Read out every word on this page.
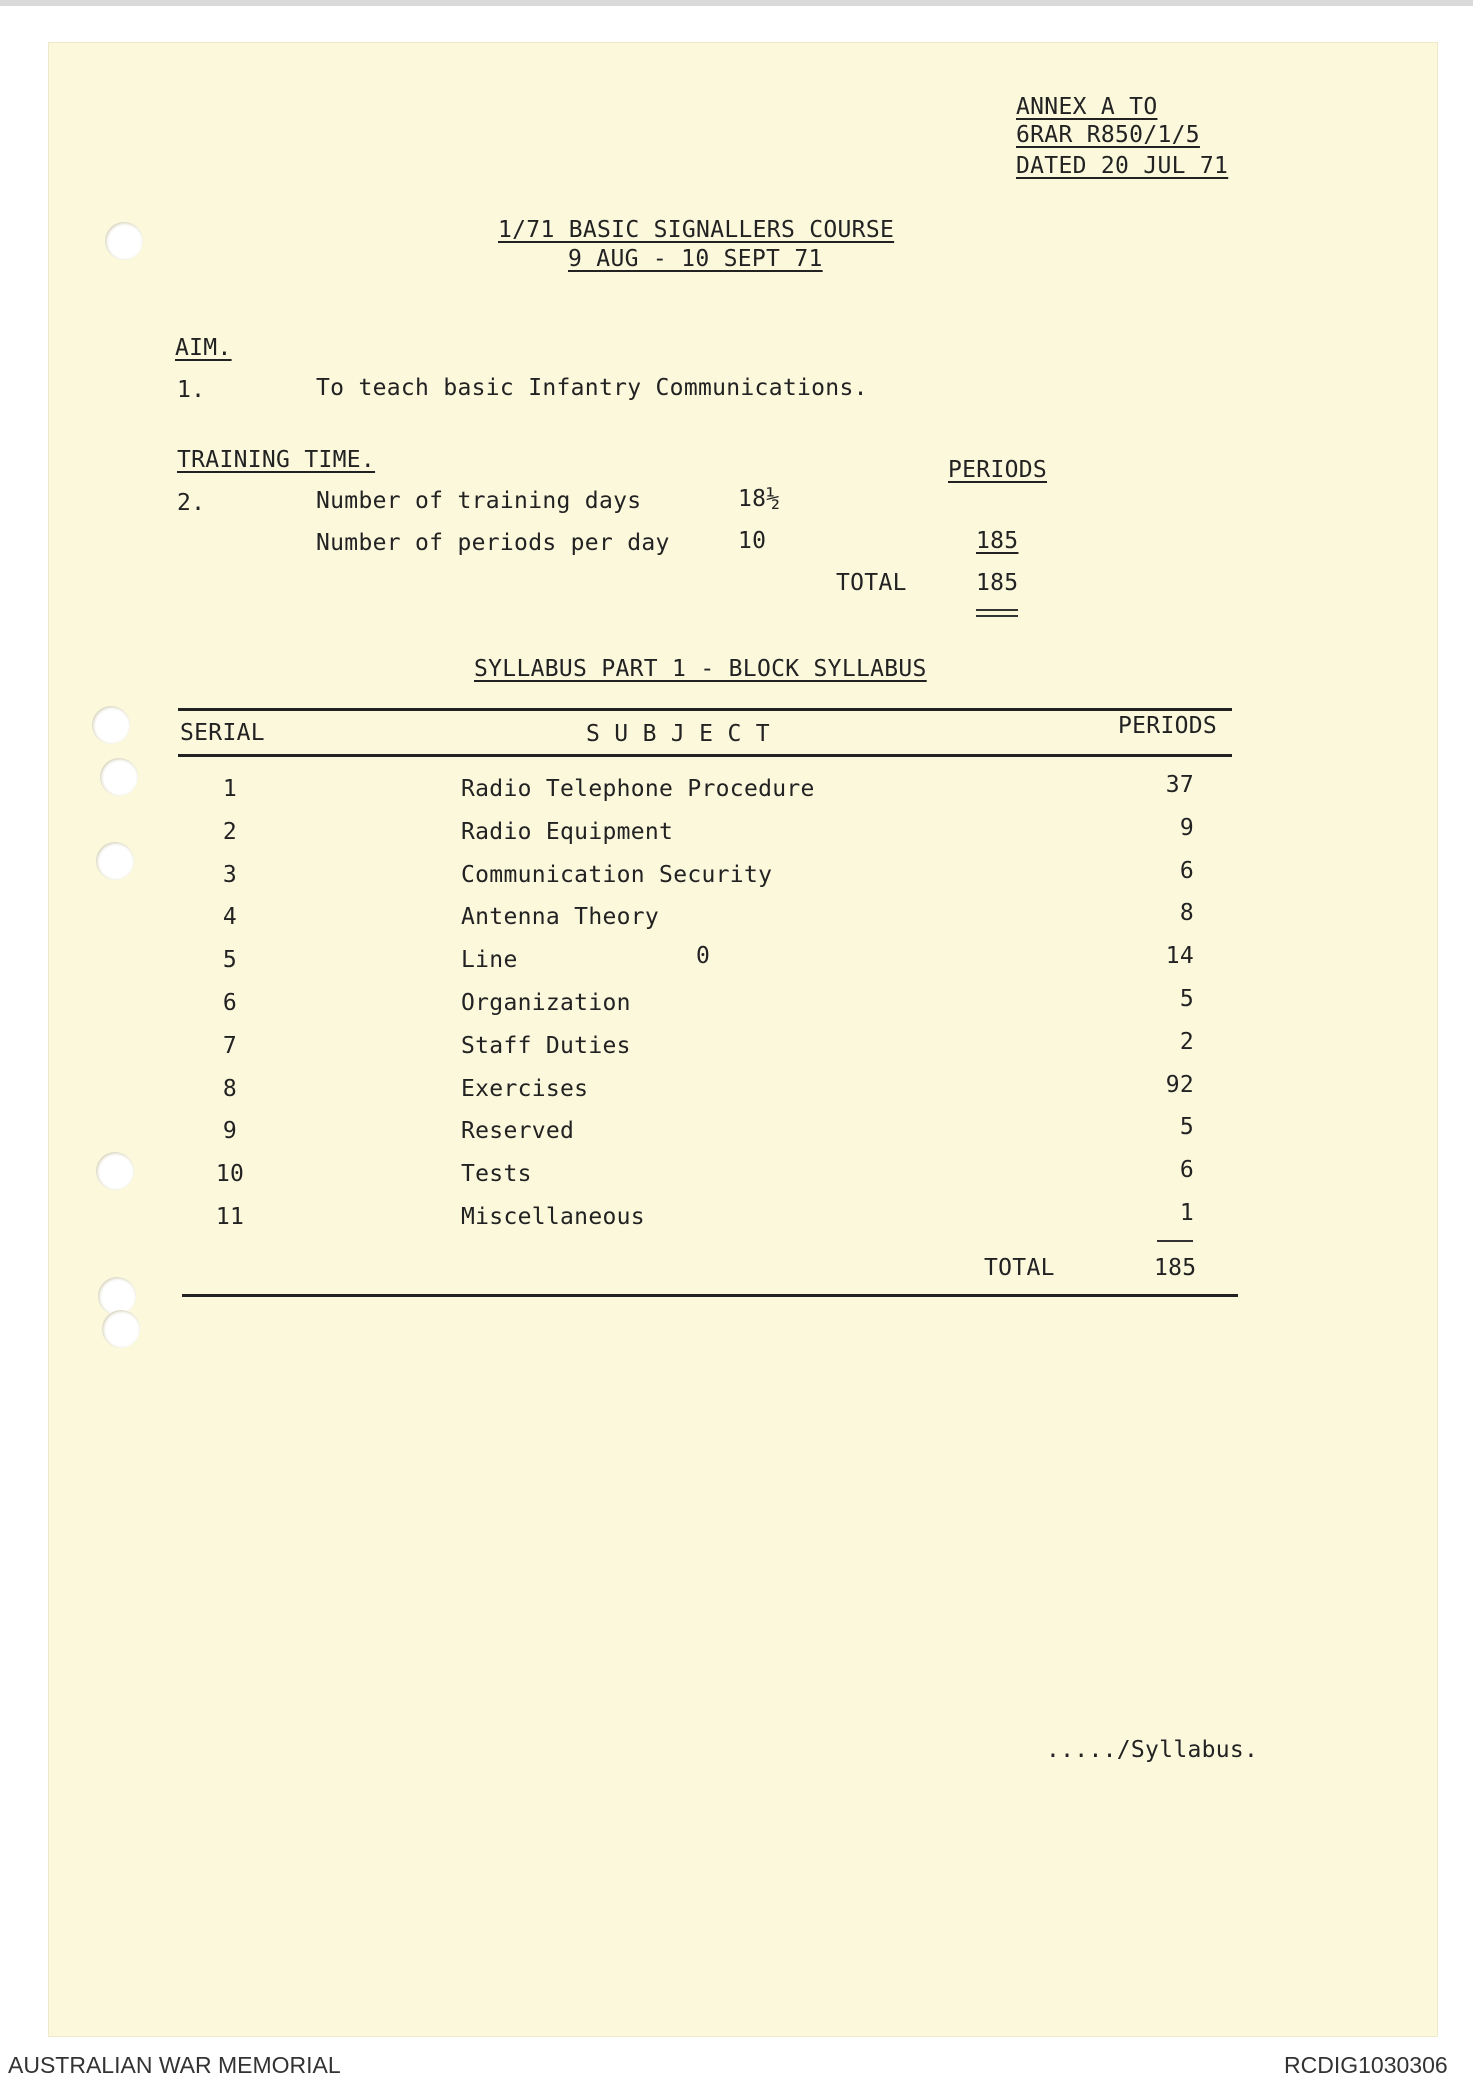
ANNEX A TO
6RAR R850/1/5
DATED 20 JUL 71
1/71 BASIC SIGNALLERS COURSE
9 AUG - 10 SEPT 71
AIM.
1.	To teach basic Infantry Communications.
TRAINING TIME.	PERIODS
2.	Number of training days	18½
Number of periods per day	10	185
TOTAL	185
SYLLABUS PART 1 - BLOCK SYLLABUS
SERIAL	S U B J E C T	PERIODS
1	Radio Telephone Procedure	37
2	Radio Equipment	9
3	Communication Security	6
4	Antenna Theory	8
5	Line	14
6	Organization	5
7	Staff Duties	2
8	Exercises	92
9	Reserved	5
10	Tests	6
11	Miscellaneous	1
0
TOTAL	185
...../Syllabus.
AUSTRALIAN WAR MEMORIAL	RCDIG1030306
